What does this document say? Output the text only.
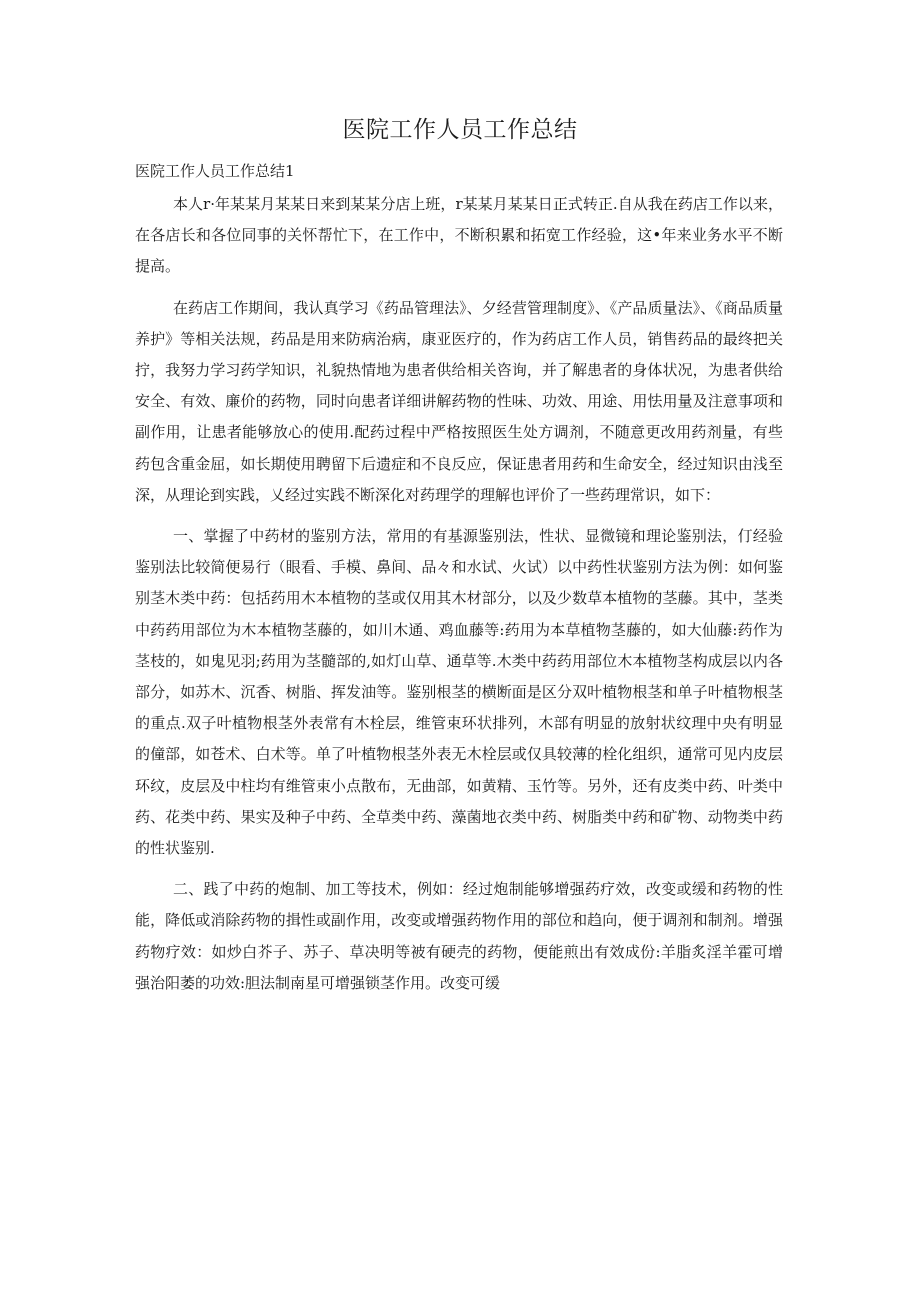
医院工作人员工作总结

医院工作人员工作总结1

本人r·年某某月某某日来到某某分店上班，r某某月某某日正式转正.自从我在药店工作以来，在各店长和各位同事的关怀帮忙下，在工作中，不断积累和拓宽工作经验，这•年来业务水平不断提高。

在药店工作期间，我认真学习《药品管理法》、夕经营管理制度》、《产品质量法》、《商品质量养护》等相关法规，药品是用来防病治病，康亚医疗的，作为药店工作人员，销售药品的最终把关拧，我努力学习药学知识，礼貌热情地为患者供给相关咨询，并了解患者的身体状况，为患者供给安全、有效、廉价的药物，同时向患者详细讲解药物的性味、功效、用途、用怯用量及注意事项和副作用，让患者能够放心的使用.配药过程中严格按照医生处方调剂，不随意更改用药剂量，有些药包含重金屈，如长期使用聘留下后遗症和不良反应，保证患者用药和生命安全，经过知识由浅至深，从理论到实践，乂经过实践不断深化对药理学的理解也评价了一些药理常识，如下：

一、掌握了中药材的鉴别方法，常用的有基源鉴别法，性状、显微镜和理论鉴别法，仃经验鉴别法比较简便易行（眼看、手模、鼻间、品々和水试、火试）以中药性状鉴别方法为例：如何鉴别茎木类中药：包括药用木本植物的茎或仅用其木材部分，以及少数草本植物的茎藤。其中，茎类中药药用部位为木本植物茎藤的，如川木通、鸡血藤等:药用为本草植物茎藤的，如大仙藤:药作为茎枝的，如鬼见羽;药用为茎髓部的,如灯山草、通草等.木类中药药用部位木本植物茎构成层以内各部分，如苏木、沉香、树脂、挥发油等。鉴别根茎的横断面是区分双叶植物根茎和单子叶植物根茎的重点.双子叶植物根茎外表常有木栓层，维管束环状排列，木部有明显的放射状纹理中央有明显的僮部，如苍术、白术等。单了叶植物根茎外表无木栓层或仅具较薄的栓化组织，通常可见内皮层环纹，皮层及中柱均有维管束小点散布，无曲部，如黄精、玉竹等。另外，还有皮类中药、叶类中药、花类中药、果实及种子中药、全草类中药、藻菌地衣类中药、树脂类中药和矿物、动物类中药的性状鉴别.

二、践了中药的炮制、加工等技术，例如：经过炮制能够增强药疗效，改变或缓和药物的性能，降低或消除药物的揖性或副作用，改变或增强药物作用的部位和趋向，便于调剂和制剂。增强药物疗效：如炒白芥子、苏子、草决明等被有硬壳的药物，便能煎出有效成份:羊脂炙淫羊霍可增强治阳萎的功效:胆法制南星可增强锁茎作用。改变可缓
